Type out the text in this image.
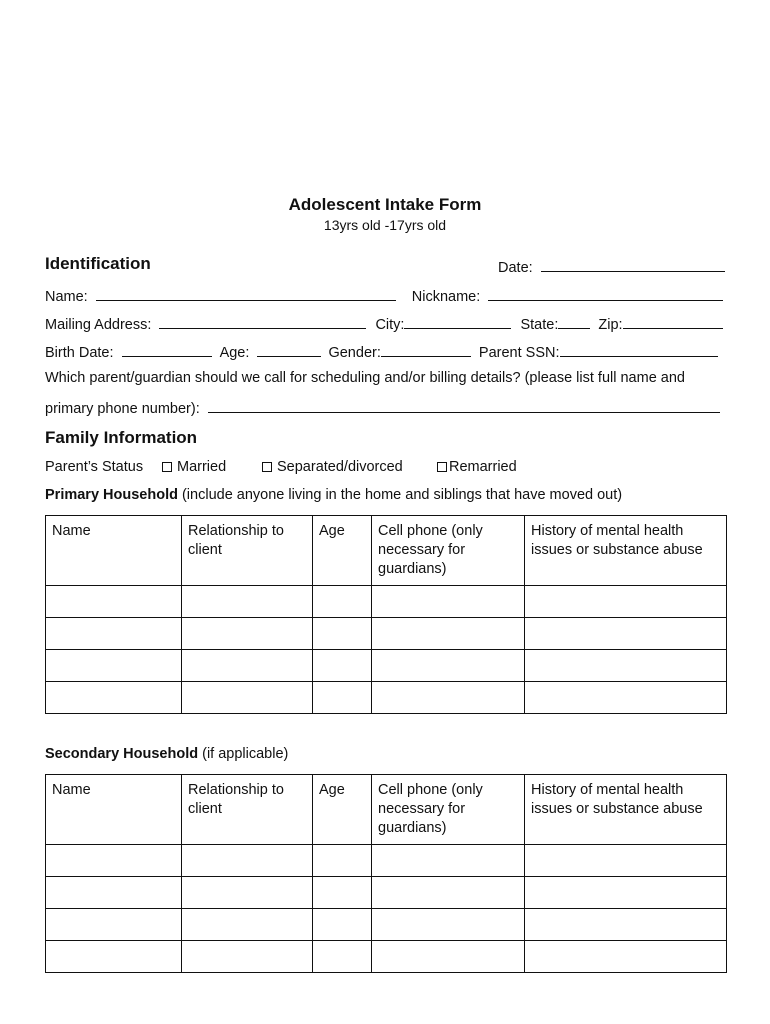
Adolescent Intake Form
13yrs old -17yrs old
Identification	Date:
Name:	Nickname:
Mailing Address:	City:	State:	Zip:
Birth Date:	Age:	Gender:	Parent SSN:
Which parent/guardian should we call for scheduling and/or billing details? (please list full name and
primary phone number):
Family Information
Parent’s Status	Married	Separated/divorced	Remarried
Primary Household (include anyone living in the home and siblings that have moved out)
Name	Relationship to client	Age	Cell phone (only necessary for guardians)	History of mental health issues or substance abuse

Secondary Household (if applicable)
Name	Relationship to client	Age	Cell phone (only necessary for guardians)	History of mental health issues or substance abuse
